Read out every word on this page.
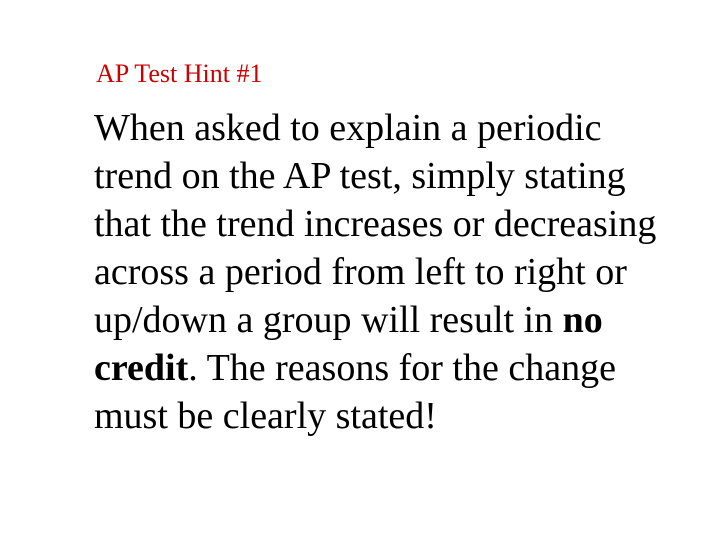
AP Test Hint #1
When asked to explain a periodic trend on the AP test, simply stating that the trend increases or decreasing across a period from left to right or up/down a group will result in no credit. The reasons for the change must be clearly stated!
